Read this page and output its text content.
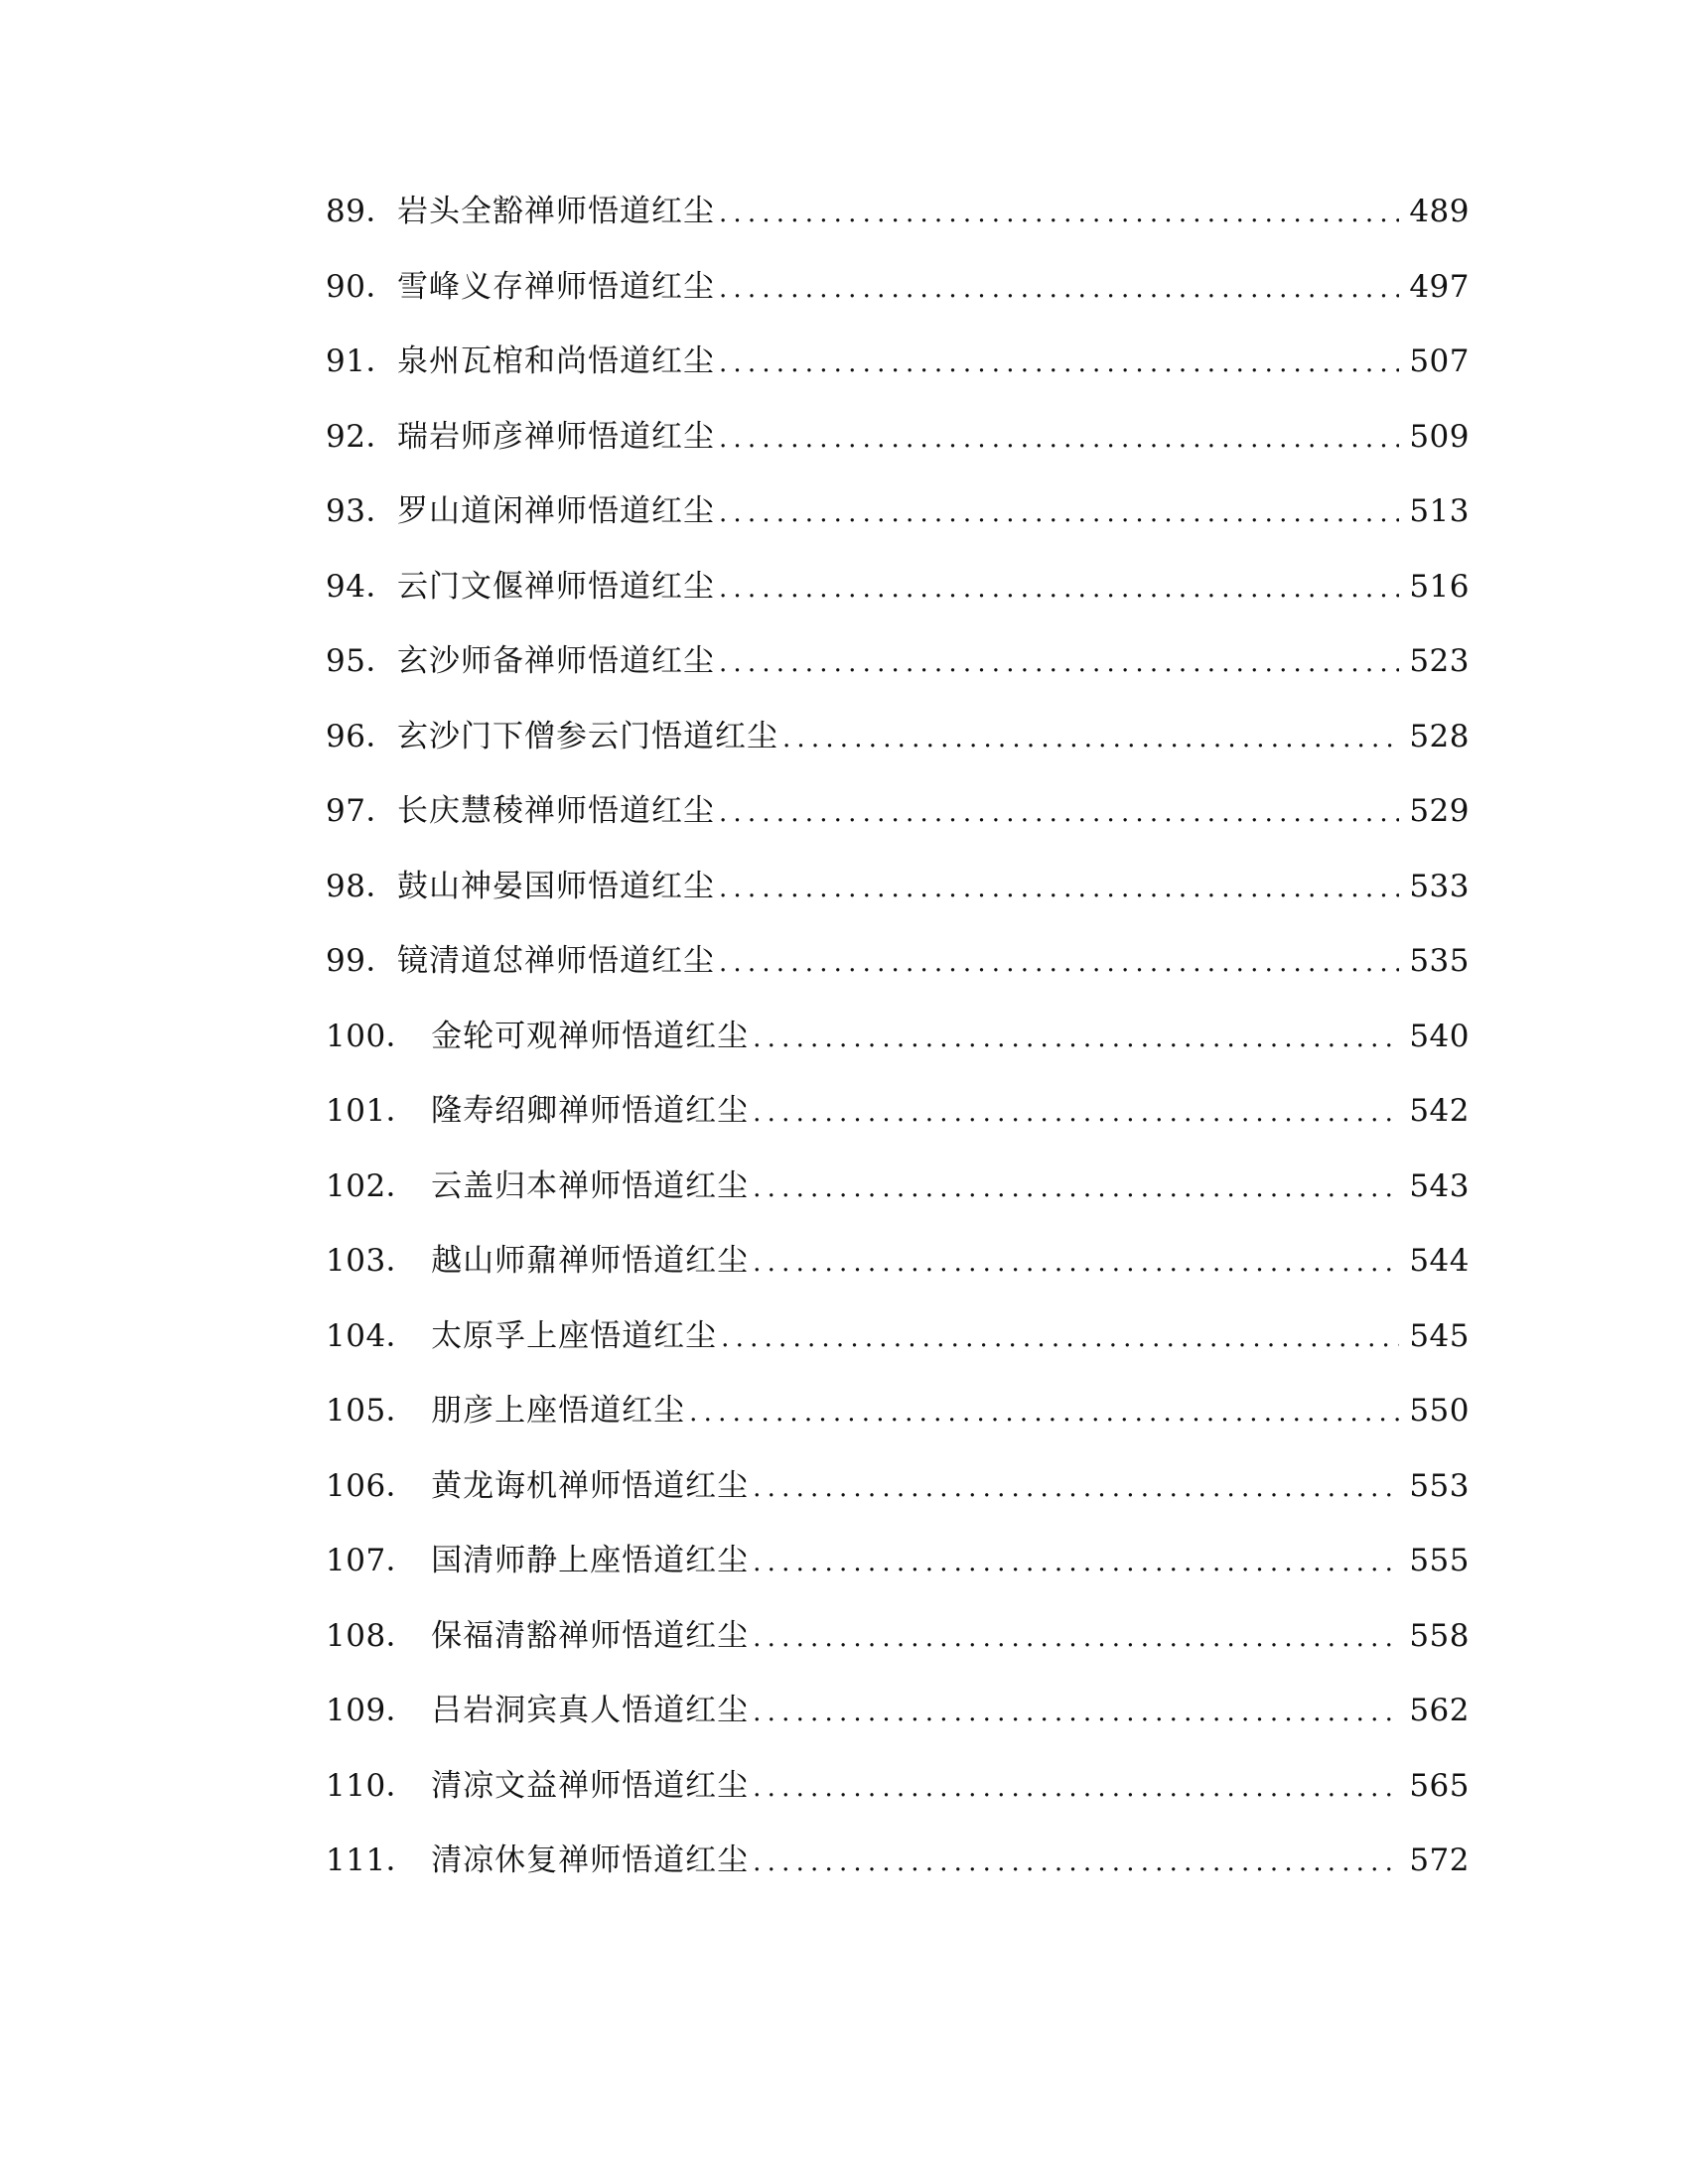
89． 岩头全豁禅师悟道红尘 .....	489
90． 雪峰义存禅师悟道红尘 .....	497
91． 泉州瓦棺和尚悟道红尘 .....	507
92． 瑞岩师彦禅师悟道红尘 .....	509
93． 罗山道闲禅师悟道红尘 .....	513
94． 云门文偃禅师悟道红尘 .....	516
95． 玄沙师备禅师悟道红尘 .....	523
96． 玄沙门下僧参云门悟道红尘 .....	528
97． 长庆慧稜禅师悟道红尘 .....	529
98． 鼓山神晏国师悟道红尘 .....	533
99． 镜清道怤禅师悟道红尘 .....	535
100． 金轮可观禅师悟道红尘 .....	540
101． 隆寿绍卿禅师悟道红尘 .....	542
102． 云盖归本禅师悟道红尘 .....	543
103． 越山师鼐禅师悟道红尘 .....	544
104． 太原孚上座悟道红尘 .....	545
105． 朋彦上座悟道红尘 .....	550
106． 黄龙诲机禅师悟道红尘 .....	553
107． 国清师静上座悟道红尘 .....	555
108． 保福清豁禅师悟道红尘 .....	558
109． 吕岩洞宾真人悟道红尘 .....	562
110． 清凉文益禅师悟道红尘 .....	565
111． 清凉休复禅师悟道红尘 .....	572
